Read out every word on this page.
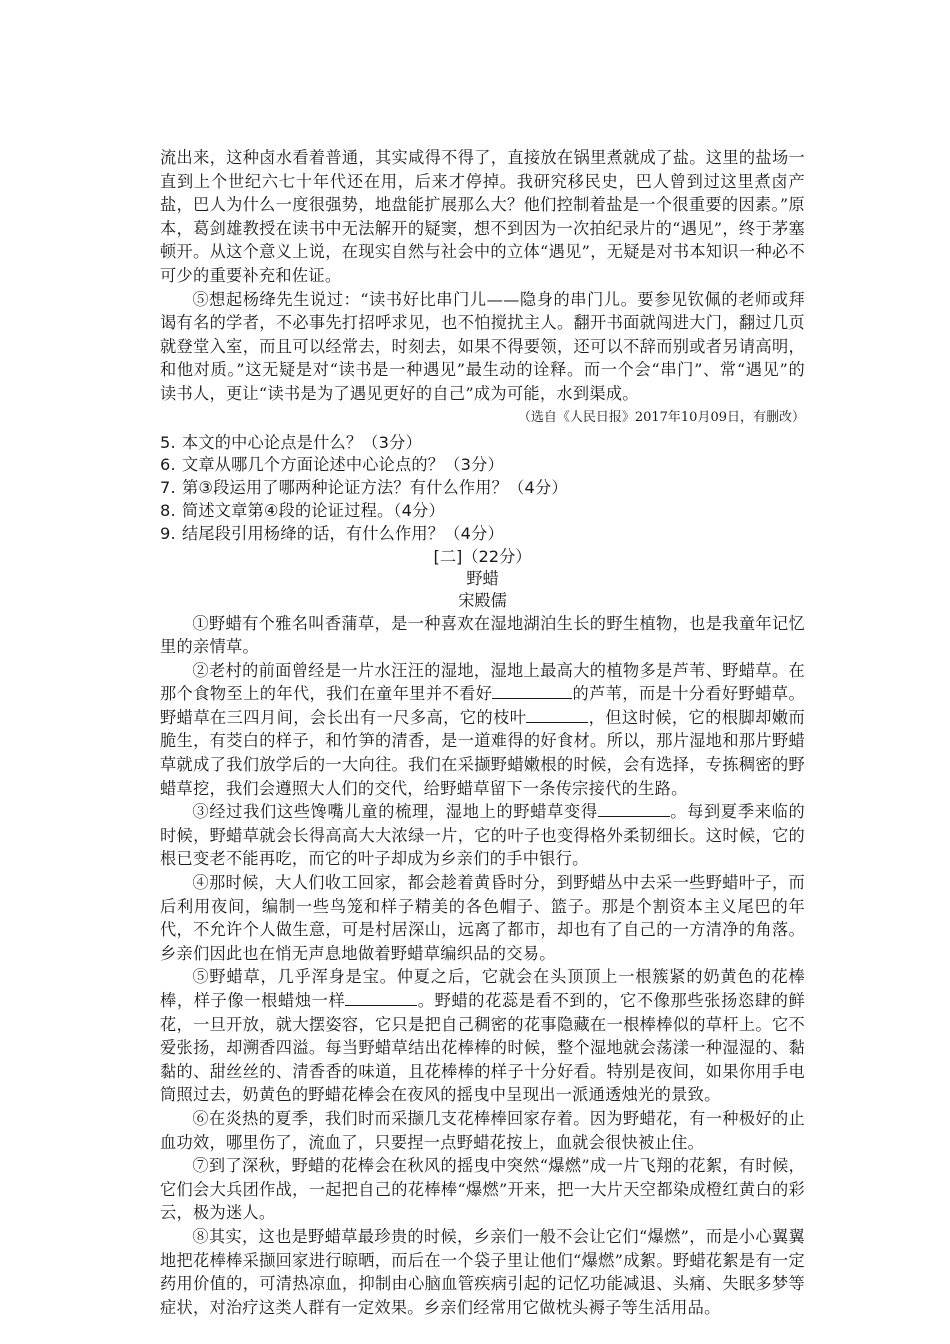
流出来，这种卤水看着普通，其实咸得不得了，直接放在锅里煮就成了盐。这里的盐场一直到上个世纪六七十年代还在用，后来才停掉。我研究移民史，巴人曾到过这里煮卤产盐，巴人为什么一度很强势，地盘能扩展那么大？他们控制着盐是一个很重要的因素。”原本，葛剑雄教授在读书中无法解开的疑窦，想不到因为一次拍纪录片的“遇见”，终于茅塞顿开。从这个意义上说，在现实自然与社会中的立体“遇见”，无疑是对书本知识一种必不可少的重要补充和佐证。

⑤想起杨绛先生说过：“读书好比串门儿——隐身的串门儿。要参见钦佩的老师或拜谒有名的学者，不必事先打招呼求见，也不怕搅扰主人。翻开书面就闯进大门，翻过几页就登堂入室，而且可以经常去，时刻去，如果不得要领，还可以不辞而别或者另请高明，和他对质。”这无疑是对“读书是一种遇见”最生动的诠释。而一个会“串门”、常“遇见”的读书人，更让“读书是为了遇见更好的自己”成为可能，水到渠成。

（选自《人民日报》2017年10月09日，有删改）

5. 本文的中心论点是什么？（3分）
6. 文章从哪几个方面论述中心论点的？（3分）
7. 第③段运用了哪两种论证方法？有什么作用？（4分）
8. 简述文章第④段的论证过程。（4分）
9. 结尾段引用杨绛的话，有什么作用？（4分）

[二]（22分）

野蜡

宋殿儒

①野蜡有个雅名叫香蒲草，是一种喜欢在湿地湖泊生长的野生植物，也是我童年记忆里的亲情草。

②老村的前面曾经是一片水汪汪的湿地，湿地上最高大的植物多是芦苇、野蜡草。在那个食物至上的年代，我们在童年里并不看好	的芦苇，而是十分看好野蜡草。野蜡草在三四月间，会长出有一尺多高，它的枝叶	，但这时候，它的根脚却嫩而脆生，有茭白的样子，和竹笋的清香，是一道难得的好食材。所以，那片湿地和那片野蜡草就成了我们放学后的一大向往。我们在采撷野蜡嫩根的时候，会有选择，专拣稠密的野蜡草挖，我们会遵照大人们的交代，给野蜡草留下一条传宗接代的生路。

③经过我们这些馋嘴儿童的梳理，湿地上的野蜡草变得	。每到夏季来临的时候，野蜡草就会长得高高大大浓绿一片，它的叶子也变得格外柔韧细长。这时候，它的根已变老不能再吃，而它的叶子却成为乡亲们的手中银行。

④那时候，大人们收工回家，都会趁着黄昏时分，到野蜡丛中去采一些野蜡叶子，而后利用夜间，编制一些鸟笼和样子精美的各色帽子、篮子。那是个割资本主义尾巴的年代，不允许个人做生意，可是村居深山，远离了都市，却也有了自己的一方清净的角落。乡亲们因此也在悄无声息地做着野蜡草编织品的交易。

⑤野蜡草，几乎浑身是宝。仲夏之后，它就会在头顶顶上一根簇紧的奶黄色的花棒棒，样子像一根蜡烛一样	。野蜡的花蕊是看不到的，它不像那些张扬恣肆的鲜花，一旦开放，就大摆姿容，它只是把自己稠密的花事隐藏在一根棒棒似的草杆上。它不爱张扬，却溯香四溢。每当野蜡草结出花棒棒的时候，整个湿地就会荡漾一种湿湿的、黏黏的、甜丝丝的、清香香的味道，且花棒棒的样子十分好看。特别是夜间，如果你用手电筒照过去，奶黄色的野蜡花棒会在夜风的摇曳中呈现出一派通透烛光的景致。

⑥在炎热的夏季，我们时而采撷几支花棒棒回家存着。因为野蜡花，有一种极好的止血功效，哪里伤了，流血了，只要捏一点野蜡花按上，血就会很快被止住。

⑦到了深秋，野蜡的花棒会在秋风的摇曳中突然“爆燃”成一片飞翔的花絮，有时候，它们会大兵团作战，一起把自己的花棒棒“爆燃”开来，把一大片天空都染成橙红黄白的彩云，极为迷人。

⑧其实，这也是野蜡草最珍贵的时候，乡亲们一般不会让它们“爆燃”，而是小心翼翼地把花棒棒采撷回家进行晾晒，而后在一个袋子里让他们“爆燃”成絮。野蜡花絮是有一定药用价值的，可清热凉血，抑制由心脑血管疾病引起的记忆功能减退、头痛、失眠多梦等症状，对治疗这类人群有一定效果。乡亲们经常用它做枕头褥子等生活用品。
